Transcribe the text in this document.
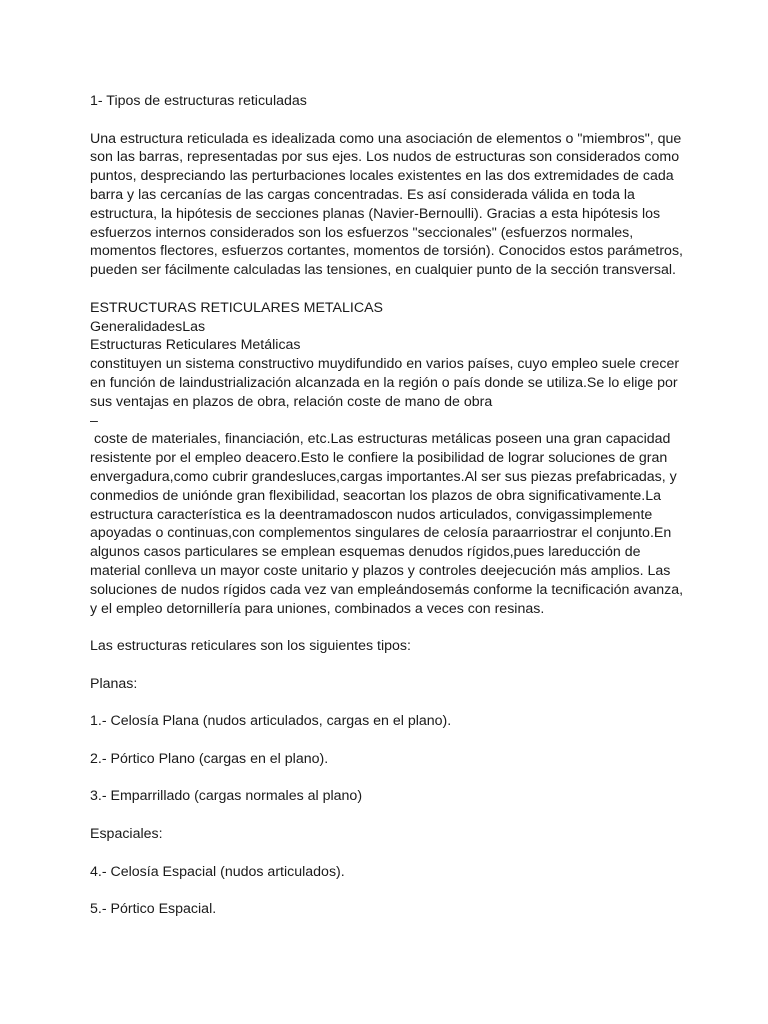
1- Tipos de estructuras reticuladas
Una estructura reticulada es idealizada como una asociación de elementos o "miembros", que
son las barras, representadas por sus ejes. Los nudos de estructuras son considerados como
puntos, despreciando las perturbaciones locales existentes en las dos extremidades de cada
barra y las cercanías de las cargas concentradas. Es así considerada válida en toda la
estructura, la hipótesis de secciones planas (Navier-Bernoulli). Gracias a esta hipótesis los
esfuerzos internos considerados son los esfuerzos "seccionales" (esfuerzos normales,
momentos flectores, esfuerzos cortantes, momentos de torsión). Conocidos estos parámetros,
pueden ser fácilmente calculadas las tensiones, en cualquier punto de la sección transversal.
ESTRUCTURAS RETICULARES METALICAS
GeneralidadesLas
Estructuras Reticulares Metálicas
constituyen un sistema constructivo muydifundido en varios países, cuyo empleo suele crecer
en función de laindustrialización alcanzada en la región o país donde se utiliza.Se lo elige por
sus ventajas en plazos de obra, relación coste de mano de obra
–
coste de materiales, financiación, etc.Las estructuras metálicas poseen una gran capacidad
resistente por el empleo deacero.Esto le confiere la posibilidad de lograr soluciones de gran
envergadura,como cubrir grandesluces,cargas importantes.Al ser sus piezas prefabricadas, y
conmedios de uniónde gran flexibilidad, seacortan los plazos de obra significativamente.La
estructura característica es la deentramadoscon nudos articulados, convigassimplemente
apoyadas o continuas,con complementos singulares de celosía paraarriostrar el conjunto.En
algunos casos particulares se emplean esquemas denudos rígidos,pues lareducción de
material conlleva un mayor coste unitario y plazos y controles deejecución más amplios. Las
soluciones de nudos rígidos cada vez van empleándosemás conforme la tecnificación avanza,
y el empleo detornillería para uniones, combinados a veces con resinas.
Las estructuras reticulares son los siguientes tipos:
Planas:
1.- Celosía Plana (nudos articulados, cargas en el plano).
2.- Pórtico Plano (cargas en el plano).
3.- Emparrillado (cargas normales al plano)
Espaciales:
4.- Celosía Espacial (nudos articulados).
5.- Pórtico Espacial.
